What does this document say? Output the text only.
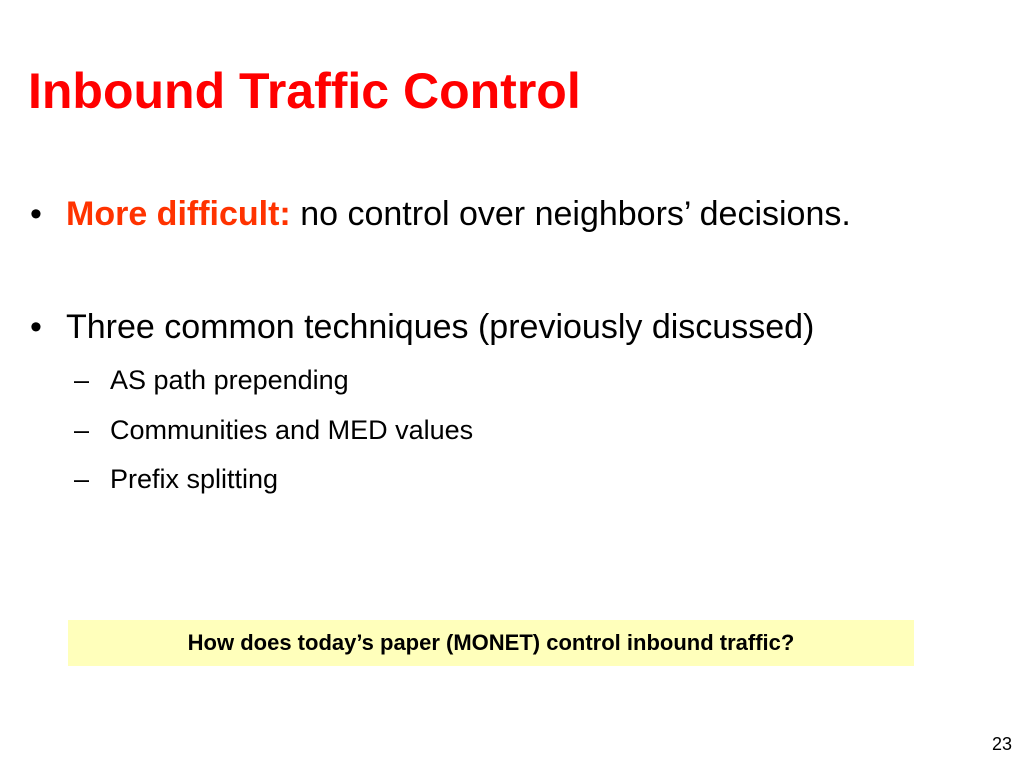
Inbound Traffic Control
• More difficult: no control over neighbors’ decisions.
• Three common techniques (previously discussed)
– AS path prepending
– Communities and MED values
– Prefix splitting
How does today’s paper (MONET) control inbound traffic?
23
